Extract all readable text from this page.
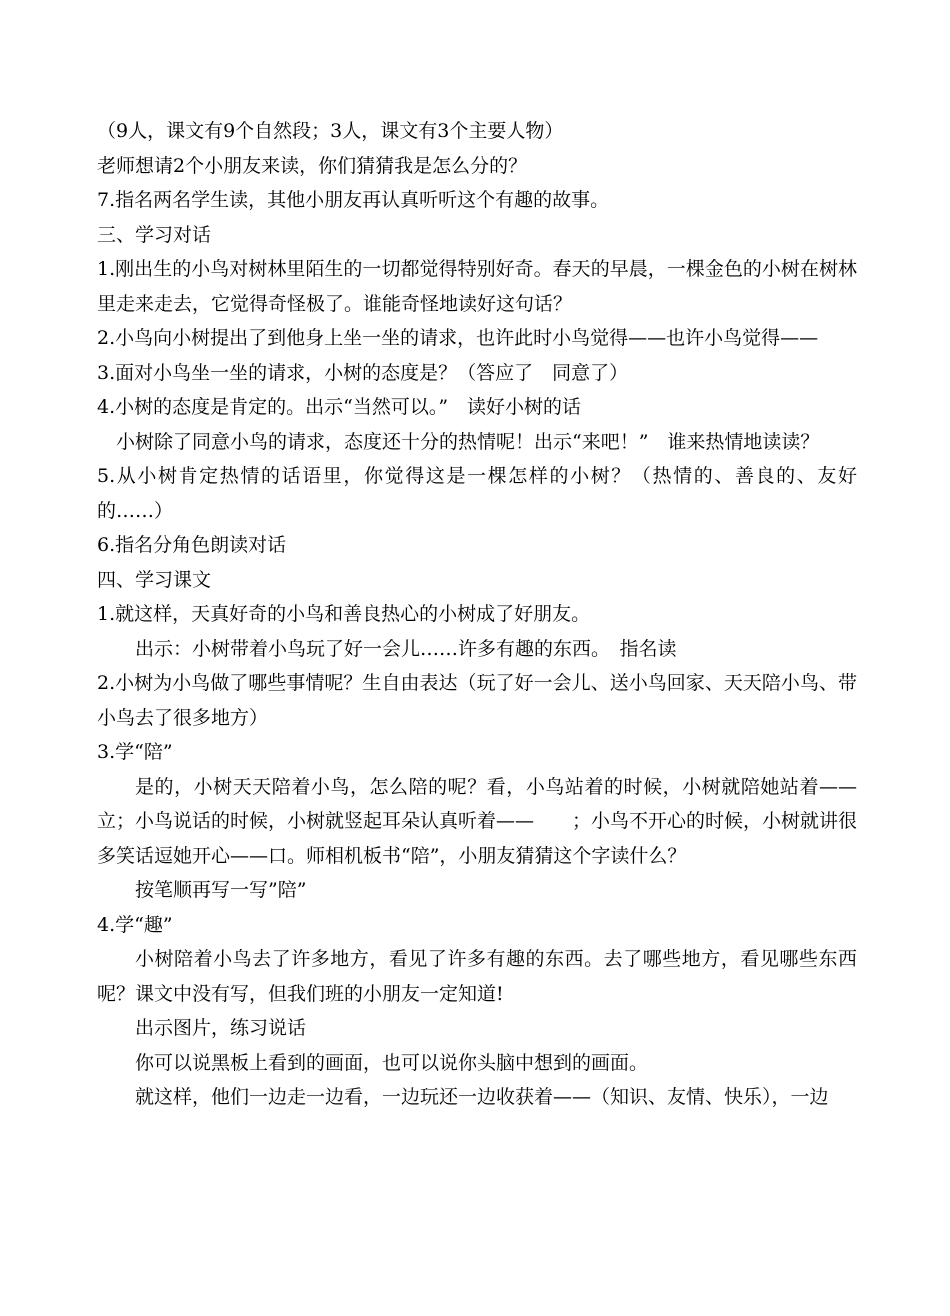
（9人，课文有9个自然段；3人，课文有3个主要人物）

老师想请2个小朋友来读，你们猜猜我是怎么分的？

7.指名两名学生读，其他小朋友再认真听听这个有趣的故事。

三、学习对话

1.刚出生的小鸟对树林里陌生的一切都觉得特别好奇。春天的早晨，一棵金色的小树在树林里走来走去，它觉得奇怪极了。谁能奇怪地读好这句话？

2.小鸟向小树提出了到他身上坐一坐的请求，也许此时小鸟觉得——也许小鸟觉得——

3.面对小鸟坐一坐的请求，小树的态度是？（答应了　同意了）

4.小树的态度是肯定的。出示“当然可以。”　读好小树的话

小树除了同意小鸟的请求，态度还十分的热情呢！出示“来吧！”　谁来热情地读读？

5.从小树肯定热情的话语里，你觉得这是一棵怎样的小树？（热情的、善良的、友好的……）

6.指名分角色朗读对话

四、学习课文

1.就这样，天真好奇的小鸟和善良热心的小树成了好朋友。

出示：小树带着小鸟玩了好一会儿……许多有趣的东西。　指名读

2.小树为小鸟做了哪些事情呢？生自由表达（玩了好一会儿、送小鸟回家、天天陪小鸟、带小鸟去了很多地方）

3.学“陪”

是的，小树天天陪着小鸟，怎么陪的呢？看，小鸟站着的时候，小树就陪她站着——立；小鸟说话的时候，小树就竖起耳朵认真听着——　　；小鸟不开心的时候，小树就讲很多笑话逗她开心——口。师相机板书“陪”，小朋友猜猜这个字读什么？

按笔顺再写一写”陪”

4.学“趣”

小树陪着小鸟去了许多地方，看见了许多有趣的东西。去了哪些地方，看见哪些东西呢？课文中没有写，但我们班的小朋友一定知道!

出示图片，练习说话

你可以说黑板上看到的画面，也可以说你头脑中想到的画面。

就这样，他们一边走一边看，一边玩还一边收获着——（知识、友情、快乐），一边
